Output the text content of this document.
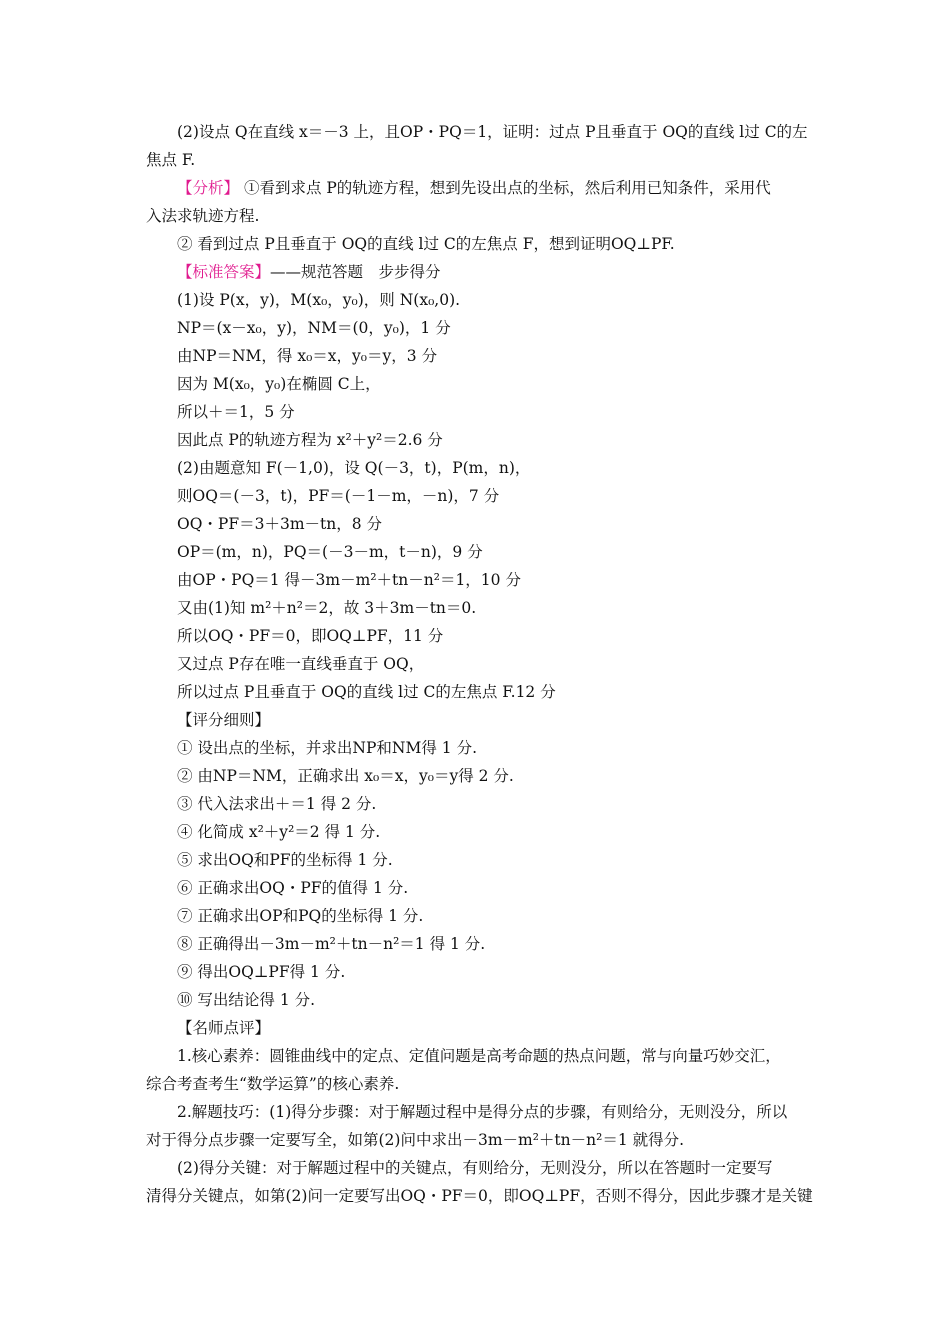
(2)设点 Q在直线 x＝－3 上，且OP・PQ＝1，证明：过点 P且垂直于 OQ的直线 l过 C的左
焦点 F.
【分析】 ①看到求点 P的轨迹方程，想到先设出点的坐标，然后利用已知条件，采用代
入法求轨迹方程.
② 看到过点 P且垂直于 OQ的直线 l过 C的左焦点 F，想到证明OQ⊥PF.
【标准答案】——规范答题　步步得分
(1)设 P(x，y)，M(x₀，y₀)，则 N(x₀,0).
NP＝(x－x₀，y)，NM＝(0，y₀)，1 分
由NP＝NM，得 x₀＝x，y₀＝y，3 分
因为 M(x₀，y₀)在椭圆 C上，
所以＋＝1，5 分
因此点 P的轨迹方程为 x²＋y²＝2.6 分
(2)由题意知 F(－1,0)，设 Q(－3，t)，P(m，n)，
则OQ＝(－3，t)，PF＝(－1－m，－n)，7 分
OQ・PF＝3＋3m－tn，8 分
OP＝(m，n)，PQ＝(－3－m，t－n)，9 分
由OP・PQ＝1 得－3m－m²＋tn－n²＝1，10 分
又由(1)知 m²＋n²＝2，故 3＋3m－tn＝0.
所以OQ・PF＝0，即OQ⊥PF，11 分
又过点 P存在唯一直线垂直于 OQ，
所以过点 P且垂直于 OQ的直线 l过 C的左焦点 F.12 分
【评分细则】
① 设出点的坐标，并求出NP和NM得 1 分.
② 由NP＝NM，正确求出 x₀＝x，y₀＝y得 2 分.
③ 代入法求出＋＝1 得 2 分.
④ 化简成 x²＋y²＝2 得 1 分.
⑤ 求出OQ和PF的坐标得 1 分.
⑥ 正确求出OQ・PF的值得 1 分.
⑦ 正确求出OP和PQ的坐标得 1 分.
⑧ 正确得出－3m－m²＋tn－n²＝1 得 1 分.
⑨ 得出OQ⊥PF得 1 分.
⑩ 写出结论得 1 分.
【名师点评】
1.核心素养：圆锥曲线中的定点、定值问题是高考命题的热点问题，常与向量巧妙交汇，
综合考查考生“数学运算”的核心素养.
2.解题技巧：(1)得分步骤：对于解题过程中是得分点的步骤，有则给分，无则没分，所以
对于得分点步骤一定要写全，如第(2)问中求出－3m－m²＋tn－n²＝1 就得分.
(2)得分关键：对于解题过程中的关键点，有则给分，无则没分，所以在答题时一定要写
清得分关键点，如第(2)问一定要写出OQ・PF＝0，即OQ⊥PF，否则不得分，因此步骤才是关键
